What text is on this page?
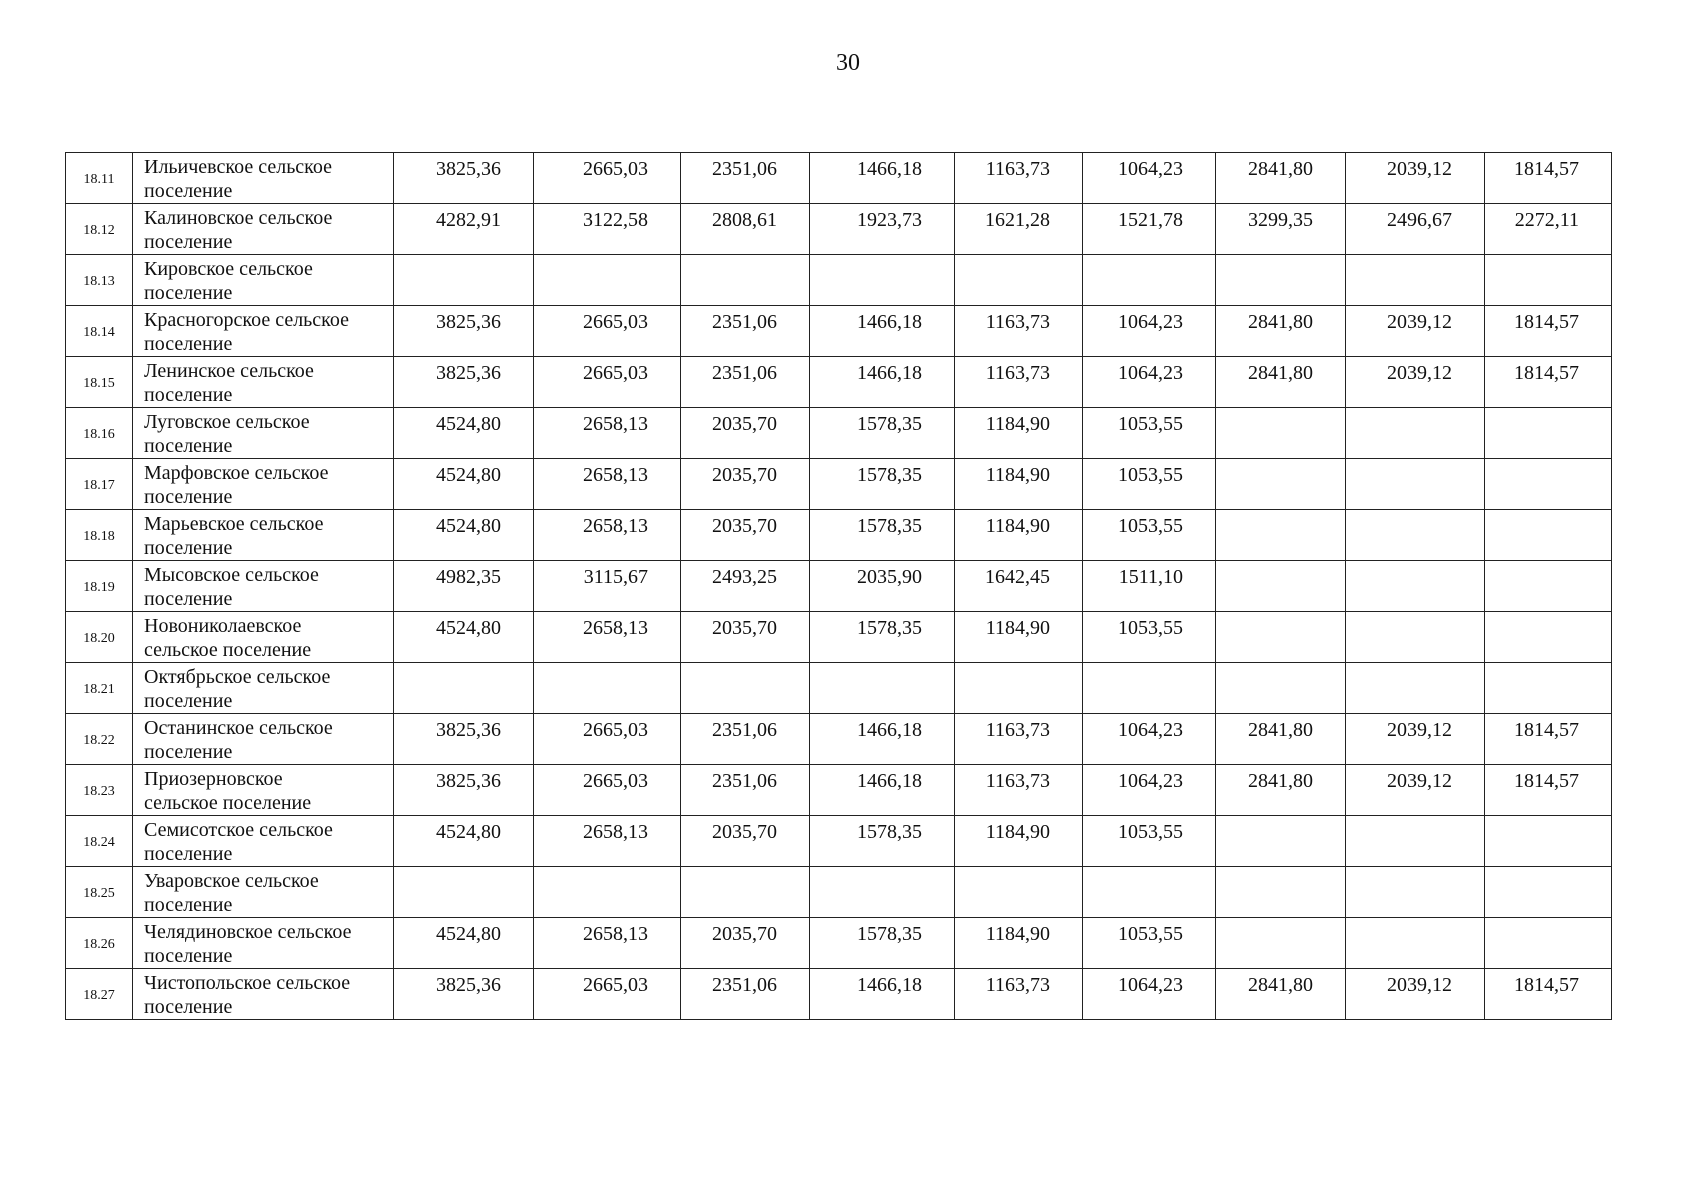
30
18.11	Ильичевское сельское
поселение	3825,36	2665,03	2351,06	1466,18	1163,73	1064,23	2841,80	2039,12	1814,57
18.12	Калиновское сельское
поселение	4282,91	3122,58	2808,61	1923,73	1621,28	1521,78	3299,35	2496,67	2272,11
18.13	Кировское сельское
поселение									
18.14	Красногорское сельское
поселение	3825,36	2665,03	2351,06	1466,18	1163,73	1064,23	2841,80	2039,12	1814,57
18.15	Ленинское сельское
поселение	3825,36	2665,03	2351,06	1466,18	1163,73	1064,23	2841,80	2039,12	1814,57
18.16	Луговское сельское
поселение	4524,80	2658,13	2035,70	1578,35	1184,90	1053,55			
18.17	Марфовское сельское
поселение	4524,80	2658,13	2035,70	1578,35	1184,90	1053,55			
18.18	Марьевское сельское
поселение	4524,80	2658,13	2035,70	1578,35	1184,90	1053,55			
18.19	Мысовское сельское
поселение	4982,35	3115,67	2493,25	2035,90	1642,45	1511,10			
18.20	Новониколаевское
сельское поселение	4524,80	2658,13	2035,70	1578,35	1184,90	1053,55			
18.21	Октябрьское сельское
поселение									
18.22	Останинское сельское
поселение	3825,36	2665,03	2351,06	1466,18	1163,73	1064,23	2841,80	2039,12	1814,57
18.23	Приозерновское
сельское поселение	3825,36	2665,03	2351,06	1466,18	1163,73	1064,23	2841,80	2039,12	1814,57
18.24	Семисотское сельское
поселение	4524,80	2658,13	2035,70	1578,35	1184,90	1053,55			
18.25	Уваровское сельское
поселение									
18.26	Челядиновское сельское
поселение	4524,80	2658,13	2035,70	1578,35	1184,90	1053,55			
18.27	Чистопольское сельское
поселение	3825,36	2665,03	2351,06	1466,18	1163,73	1064,23	2841,80	2039,12	1814,57
